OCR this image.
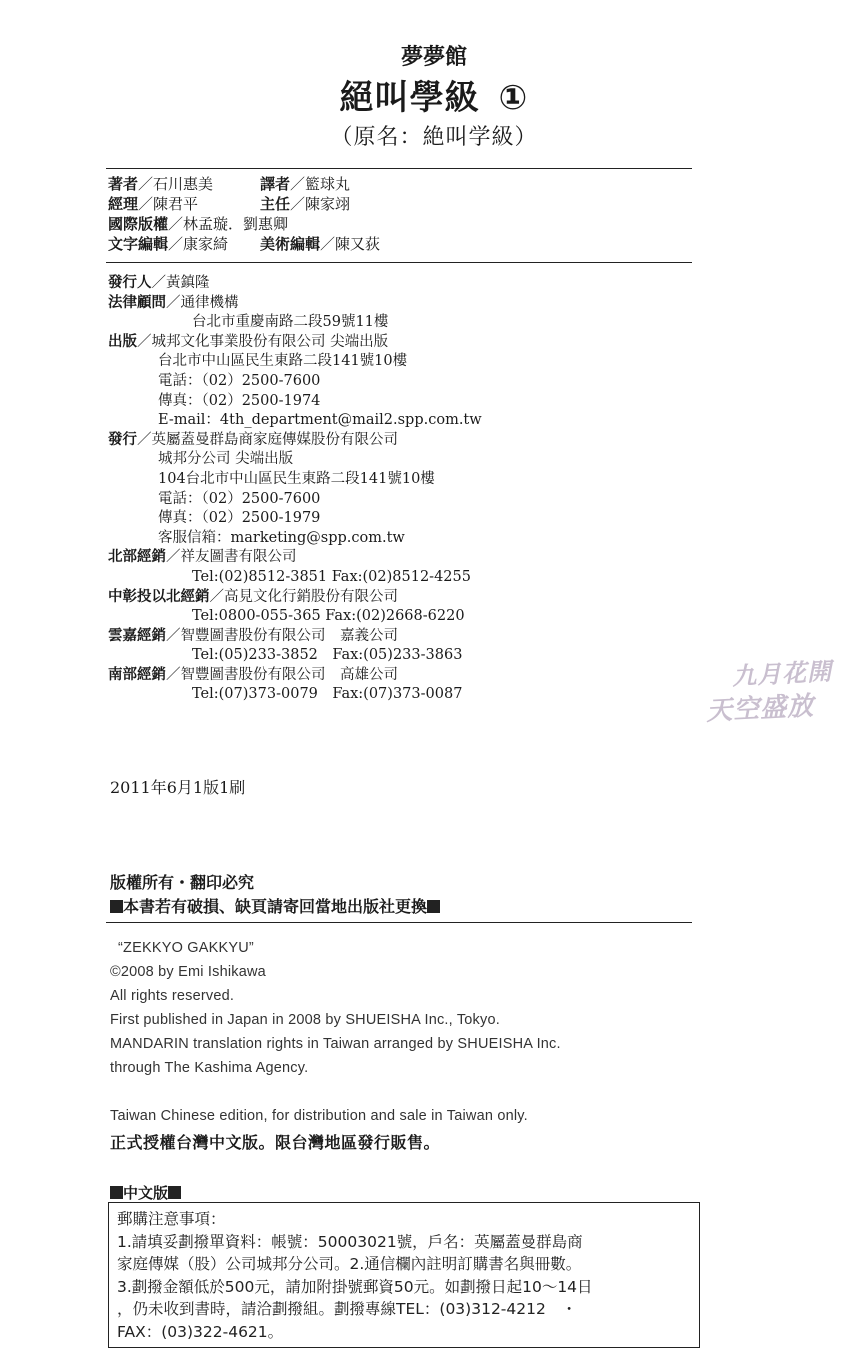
夢夢館
絕叫學級 ①
（原名：絶叫学級）
著者／石川惠美	譯者／籃球丸
經理／陳君平	主任／陳家翊
國際版權／林孟璇．劉惠卿
文字編輯／康家綺 美術編輯／陳又荻
發行人／黃鎮隆
法律顧問／通律機構
台北市重慶南路二段59號11樓
出版／城邦文化事業股份有限公司 尖端出版
台北市中山區民生東路二段141號10樓
電話：（02）2500-7600
傳真：（02）2500-1974
E-mail：4th_department@mail2.spp.com.tw
發行／英屬蓋曼群島商家庭傳媒股份有限公司
城邦分公司 尖端出版
104台北市中山區民生東路二段141號10樓
電話：（02）2500-7600
傳真：（02）2500-1979
客服信箱：marketing@spp.com.tw
北部經銷／祥友圖書有限公司
Tel:(02)8512-3851 Fax:(02)8512-4255
中彰投以北經銷／高見文化行銷股份有限公司
Tel:0800-055-365 Fax:(02)2668-6220
雲嘉經銷／智豐圖書股份有限公司　嘉義公司
Tel:(05)233-3852　Fax:(05)233-3863
南部經銷／智豐圖書股份有限公司　高雄公司
Tel:(07)373-0079　Fax:(07)373-0087
九月花開
天空盛放
2011年6月1版1刷
版權所有・翻印必究
本書若有破損、缺頁請寄回當地出版社更換
“ZEKKYO GAKKYU”
©2008 by Emi Ishikawa
All rights reserved.
First published in Japan in 2008 by SHUEISHA Inc., Tokyo.
MANDARIN translation rights in Taiwan arranged by SHUEISHA Inc.
through The Kashima Agency.
Taiwan Chinese edition, for distribution and sale in Taiwan only.
正式授權台灣中文版。限台灣地區發行販售。
中文版
郵購注意事項：
1.請填妥劃撥單資料：帳號：50003021號，戶名：英屬蓋曼群島商
家庭傳媒（股）公司城邦分公司。2.通信欄內註明訂購書名與冊數。
3.劃撥金額低於500元，請加附掛號郵資50元。如劃撥日起10～14日
，仍未收到書時，請洽劃撥組。劃撥專線TEL：(03)312-4212　・
FAX：(03)322-4621。
